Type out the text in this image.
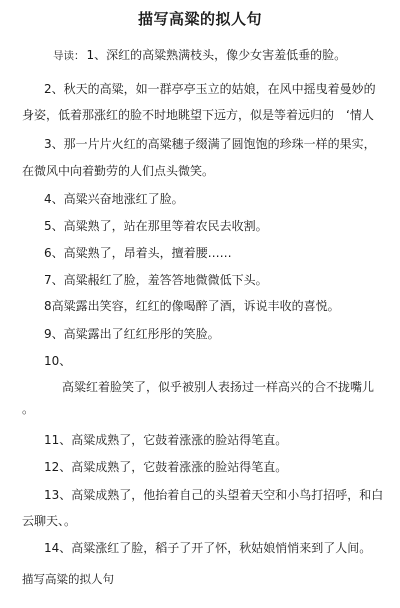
描写高粱的拟人句
导读： 1、深红的高粱熟满枝头，像少女害羞低垂的脸。
2、秋天的高粱，如一群亭亭玉立的姑娘，在风中摇曳着曼妙的
身姿，低着那涨红的脸不时地眺望下远方，似是等着远归的　‘情人
3、那一片片火红的高粱穗子缀满了圆饱饱的珍珠一样的果实，
在微风中向着勤劳的人们点头微笑。
4、高粱兴奋地涨红了脸。
5、高粱熟了，站在那里等着农民去收割。
6、高粱熟了，昂着头，擅着腰……
7、高粱赧红了脸，羞答答地微微低下头。
8高粱露出笑容，红红的像喝醉了酒，诉说丰收的喜悦。
9、高粱露出了红红彤彤的笑脸。
10、
高粱红着脸笑了，似乎被别人表扬过一样高兴的合不拢嘴儿
。
11、高粱成熟了，它鼓着涨涨的脸站得笔直。
12、高粱成熟了，它鼓着涨涨的脸站得笔直。
13、高粱成熟了，他抬着自己的头望着天空和小鸟打招呼，和白
云聊天、。
14、高粱涨红了脸，稻子了开了怀，秋姑娘悄悄来到了人间。
描写高粱的拟人句
